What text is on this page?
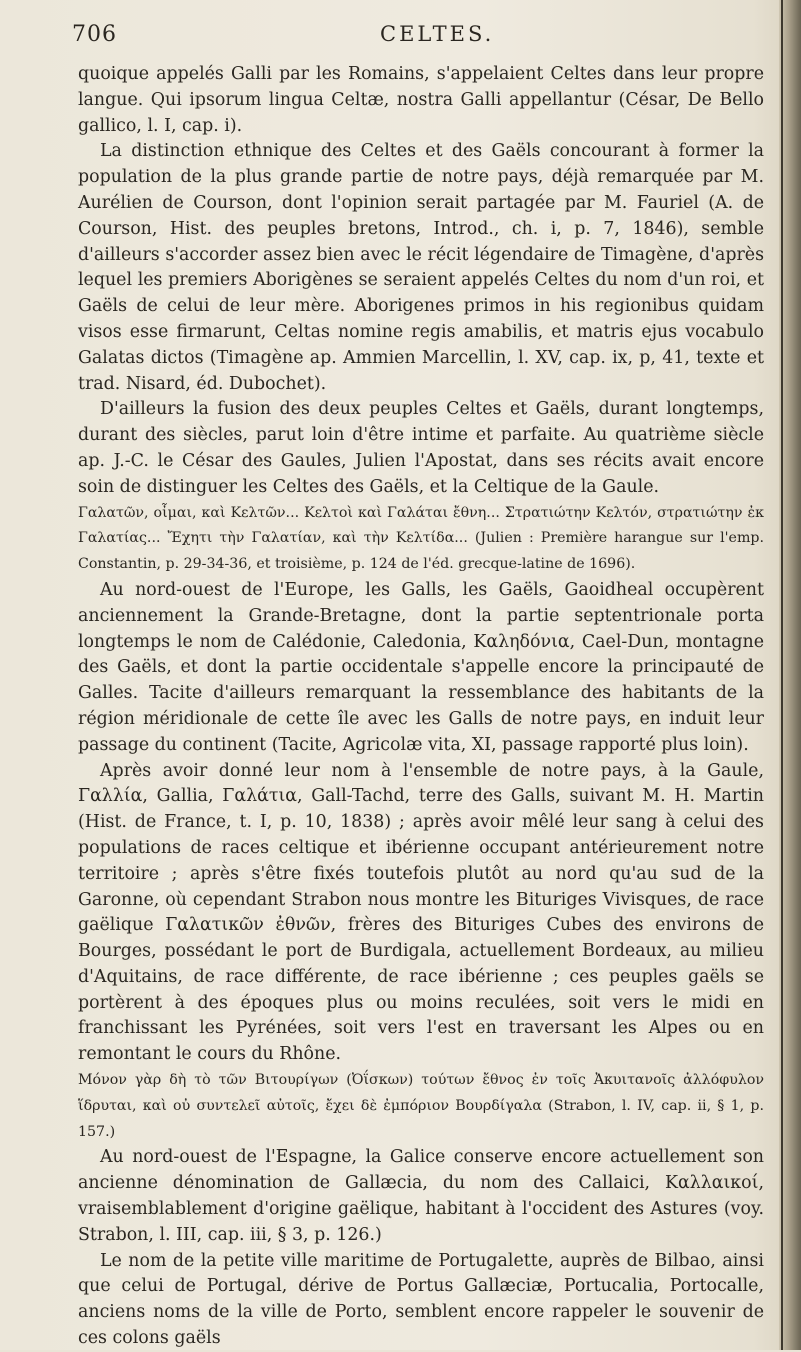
706	CELTES.

quoique appelés Galli par les Romains, s'appelaient Celtes dans leur propre langue. Qui ipsorum lingua Celtæ, nostra Galli appellantur (César, De Bello gallico, l. I, cap. i).

La distinction ethnique des Celtes et des Gaëls concourant à former la population de la plus grande partie de notre pays, déjà remarquée par M. Aurélien de Courson, dont l'opinion serait partagée par M. Fauriel (A. de Courson, Hist. des peuples bretons, Introd., ch. i, p. 7, 1846), semble d'ailleurs s'accorder assez bien avec le récit légendaire de Timagène, d'après lequel les premiers Aborigènes se seraient appelés Celtes du nom d'un roi, et Gaëls de celui de leur mère. Aborigenes primos in his regionibus quidam visos esse firmarunt, Celtas nomine regis amabilis, et matris ejus vocabulo Galatas dictos (Timagène ap. Ammien Marcellin, l. XV, cap. ix, p, 41, texte et trad. Nisard, éd. Dubochet).

D'ailleurs la fusion des deux peuples Celtes et Gaëls, durant longtemps, durant des siècles, parut loin d'être intime et parfaite. Au quatrième siècle ap. J.-C. le César des Gaules, Julien l'Apostat, dans ses récits avait encore soin de distinguer les Celtes des Gaëls, et la Celtique de la Gaule.

Γαλατῶν, οἶμαι, καὶ Κελτῶν... Κελτοὶ καὶ Γαλάται ἔθνη... Στρατιώτην Κελτόν, στρατιώτην ἐκ Γαλατίας... Ἔχητι τὴν Γαλατίαν, καὶ τὴν Κελτίδα... (Julien : Première harangue sur l'emp. Constantin, p. 29-34-36, et troisième, p. 124 de l'éd. grecque-latine de 1696).

Au nord-ouest de l'Europe, les Galls, les Gaëls, Gaoidheal occupèrent anciennement la Grande-Bretagne, dont la partie septentrionale porta longtemps le nom de Calédonie, Caledonia, Καληδόνια, Cael-Dun, montagne des Gaëls, et dont la partie occidentale s'appelle encore la principauté de Galles. Tacite d'ailleurs remarquant la ressemblance des habitants de la région méridionale de cette île avec les Galls de notre pays, en induit leur passage du continent (Tacite, Agricolæ vita, XI, passage rapporté plus loin).

Après avoir donné leur nom à l'ensemble de notre pays, à la Gaule, Γαλλία, Gallia, Γαλάτια, Gall-Tachd, terre des Galls, suivant M. H. Martin (Hist. de France, t. I, p. 10, 1838) ; après avoir mêlé leur sang à celui des populations de races celtique et ibérienne occupant antérieurement notre territoire ; après s'être fixés toutefois plutôt au nord qu'au sud de la Garonne, où cependant Strabon nous montre les Bituriges Vivisques, de race gaëlique Γαλατικῶν ἐθνῶν, frères des Bituriges Cubes des environs de Bourges, possédant le port de Burdigala, actuellement Bordeaux, au milieu d'Aquitains, de race différente, de race ibérienne ; ces peuples gaëls se portèrent à des époques plus ou moins reculées, soit vers le midi en franchissant les Pyrénées, soit vers l'est en traversant les Alpes ou en remontant le cours du Rhône.

Μόνον γὰρ δὴ τὸ τῶν Βιτουρίγων (Ὀΐσκων) τούτων ἔθνος ἐν τοῖς Ἀκυιτανοῖς ἀλλόφυλον ἵδρυται, καὶ οὐ συντελεῖ αὐτοῖς, ἔχει δὲ ἐμπόριον Βουρδίγαλα (Strabon, l. IV, cap. ii, § 1, p. 157.)

Au nord-ouest de l'Espagne, la Galice conserve encore actuellement son ancienne dénomination de Gallæcia, du nom des Callaici, Καλλαικοί, vraisemblablement d'origine gaëlique, habitant à l'occident des Astures (voy. Strabon, l. III, cap. iii, § 3, p. 126.)

Le nom de la petite ville maritime de Portugalette, auprès de Bilbao, ainsi que celui de Portugal, dérive de Portus Gallæciæ, Portucalia, Portocalle, anciens noms de la ville de Porto, semblent encore rappeler le souvenir de ces colons gaëls
